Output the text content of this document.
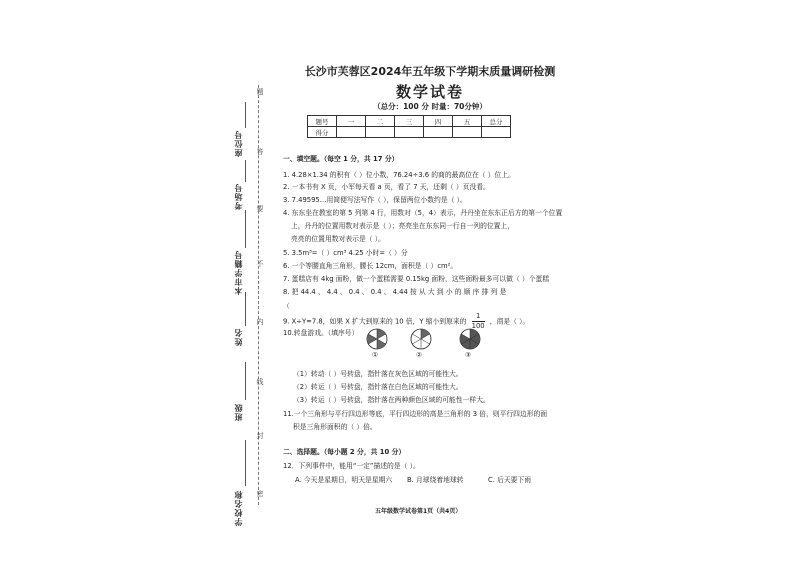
题
答
要
不
内
线
封
密
座位号
考场号
本市学籍号
姓名
班级
学校名称
长沙市芙蓉区2024年五年级下学期末质量调研检测
数学试卷
（总分：100 分 时量：70分钟）
题号	一	二	三	四	五	总分
得分						
一、填空题。（每空 1 分，共 17 分）
1. 4.28×1.34 的积有（ ）位小数，76.24÷3.6 的商的最高位在（ ）位上。
2. 一本书有 X 页，小军每天看 a 页，看了 7 天，还剩（ ）页没看。
3. 7.49595…用简便写法写作（ ），保留两位小数约是（ ）。
4. 东东坐在教室的第 5 列第 4 行，用数对（5，4）表示，丹丹坐在东东正后方的第一个位置
上，丹丹的位置用数对表示是（ ）；亮亮坐在东东同一行自一列的位置上，
亮亮的位置用数对表示是（ ）。
5. 3.5m³=（ ）cm³ 4.25 小时=（ ）分
6. 一个等腰直角三角形，腰长 12cm，面积是（ ）cm²。
7. 蛋糕店有 4kg 面粉，做一个蛋糕需要 0.15kg 面粉，这些面粉最多可以做（ ）个蛋糕
8. 把 44.4 、 4.4̇ 、 0.4 、 0.4̇ 、 4.44 按 从 大 到 小 的 顺 序 排 列 是
（
9. X÷Y=7.8，如果 X 扩大到原来的 10 倍，Y 缩小到原来的 $\frac{1}{100}$ ，商是（ ）。
10.转盘游戏。（填序号）
①	②	③
（1）转动（ ）号转盘，指针落在灰色区域的可能性大。
（2）转运（ ）号转盘，指针落在白色区域的可能性大。
（3）转运（ ）号转盘，指针落在两种颜色区域的可能性一样大。
11.一个三角形与平行四边形等底，平行四边形的高是三角形的 3 倍，则平行四边形的面
积是三角形面积的（ ）倍。
二、选择题。（每小题 2 分，共 10 分）
12．下列事件中，能用“一定”描述的是（ ）。
A. 今天是星期日，明天是星期六 B. 月球绕着地球转	C. 后天要下雨
五年级数学试卷第1页（共4页）
